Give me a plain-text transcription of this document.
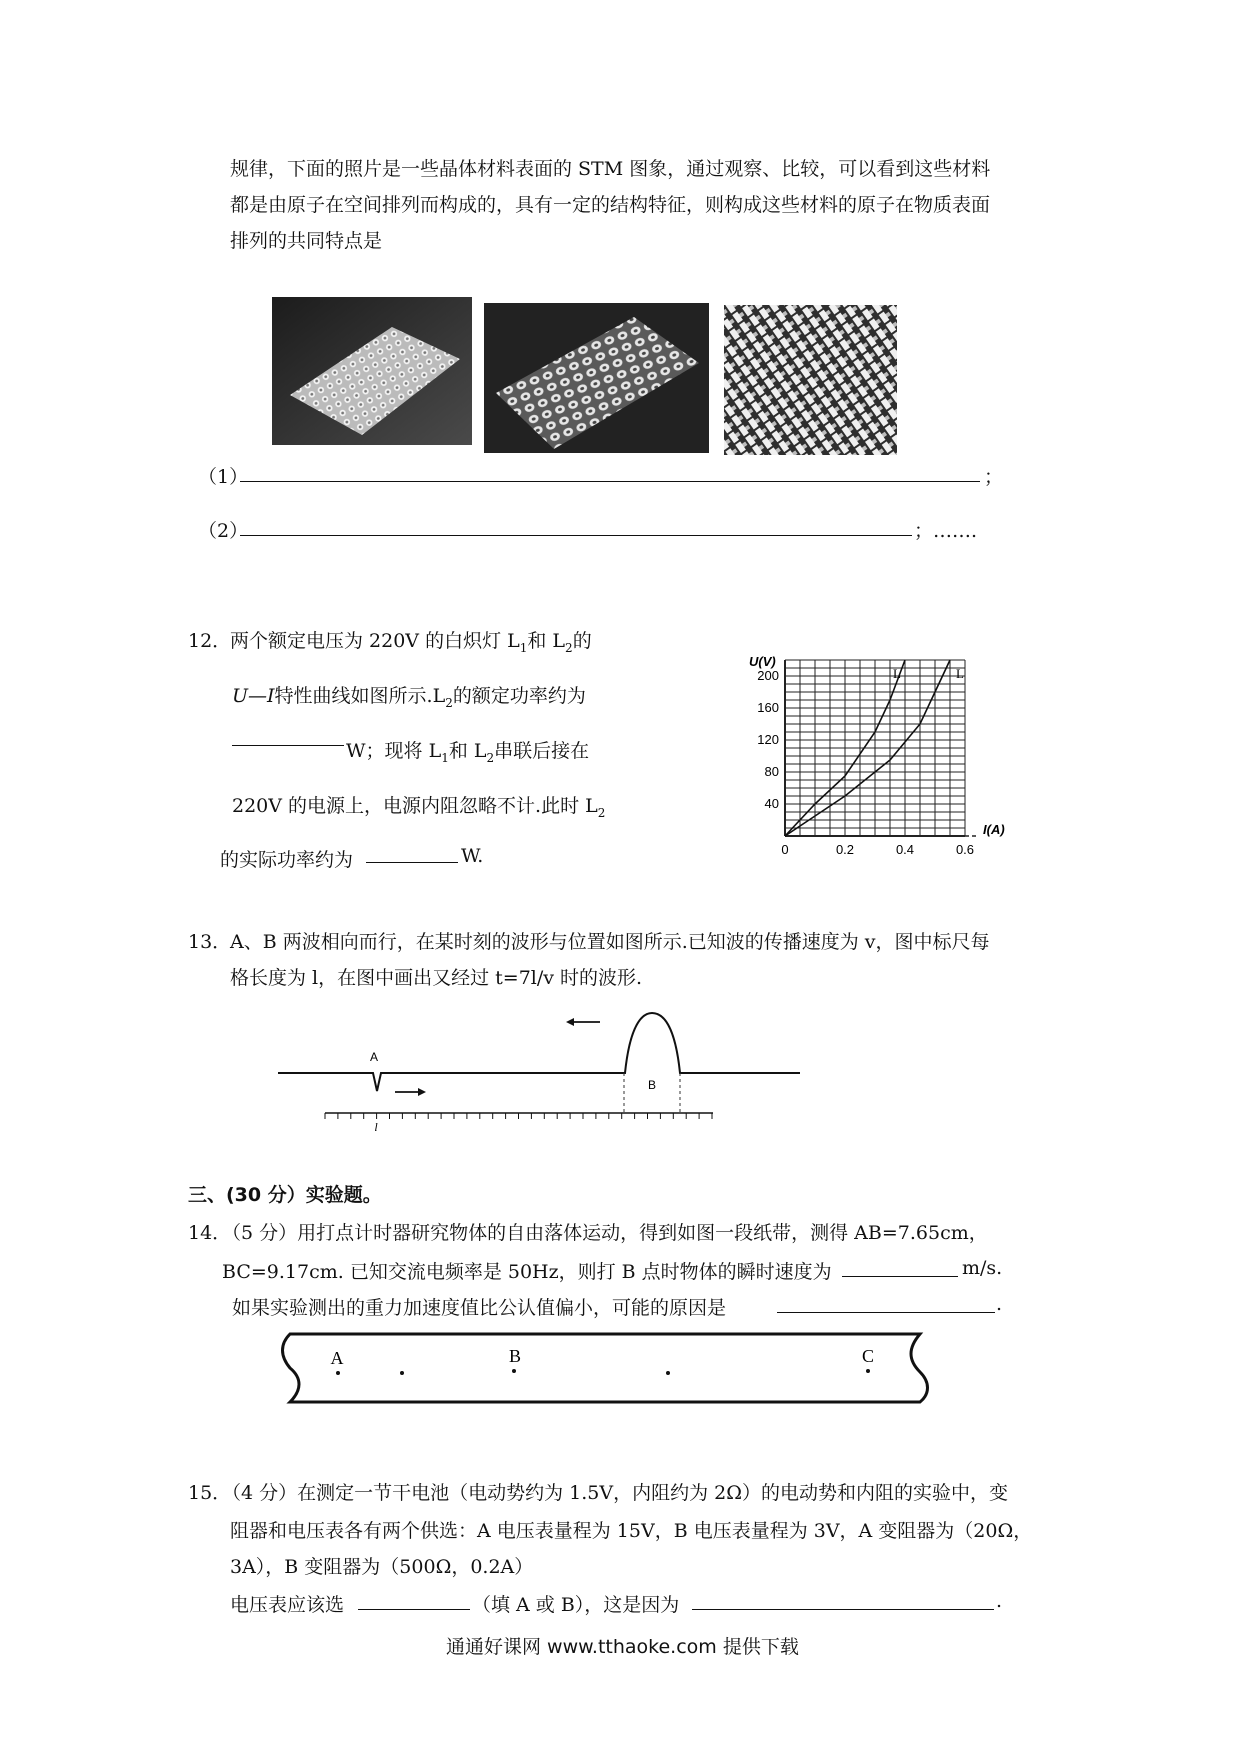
规律，下面的照片是一些晶体材料表面的 STM 图象，通过观察、比较，可以看到这些材料
都是由原子在空间排列而构成的，具有一定的结构特征，则构成这些材料的原子在物质表面
排列的共同特点是
（1）	；
（2）	；…….
12．
两个额定电压为 220V 的白炽灯 $L_1$和 $L_2$的
U—I特性曲线如图所示$.L_2$的额定功率约为
W；现将 $L_1$和 $L_2$串联后接在
220V 的电源上，电源内阻忽略不计.此时 $L_2$
的实际功率约为	W.
200
160
120
80
40
0	0.2	0.4	0.6
U(V)
I(A)
L	L
13．
A、B 两波相向而行，在某时刻的波形与位置如图所示.已知波的传播速度为 v，图中标尺每
格长度为 l，在图中画出又经过 t=7l/v 时的波形.
A
B
l
三、(30 分）实验题。
14．
（5 分）用打点计时器研究物体的自由落体运动，得到如图一段纸带，测得 AB=7.65cm，
BC=9.17cm. 已知交流电频率是 50Hz，则打 B 点时物体的瞬时速度为	m/s.
如果实验测出的重力加速度值比公认值偏小，可能的原因是	.
A	B	C
15．
（4 分）在测定一节干电池（电动势约为 1.5V，内阻约为 2Ω）的电动势和内阻的实验中，变
阻器和电压表各有两个供选：A 电压表量程为 15V，B 电压表量程为 3V，A 变阻器为（20Ω，
3A），B 变阻器为（500Ω，0.2A）
电压表应该选	（填 A 或 B），这是因为	.
通通好课网 www.tthaoke.com 提供下载
